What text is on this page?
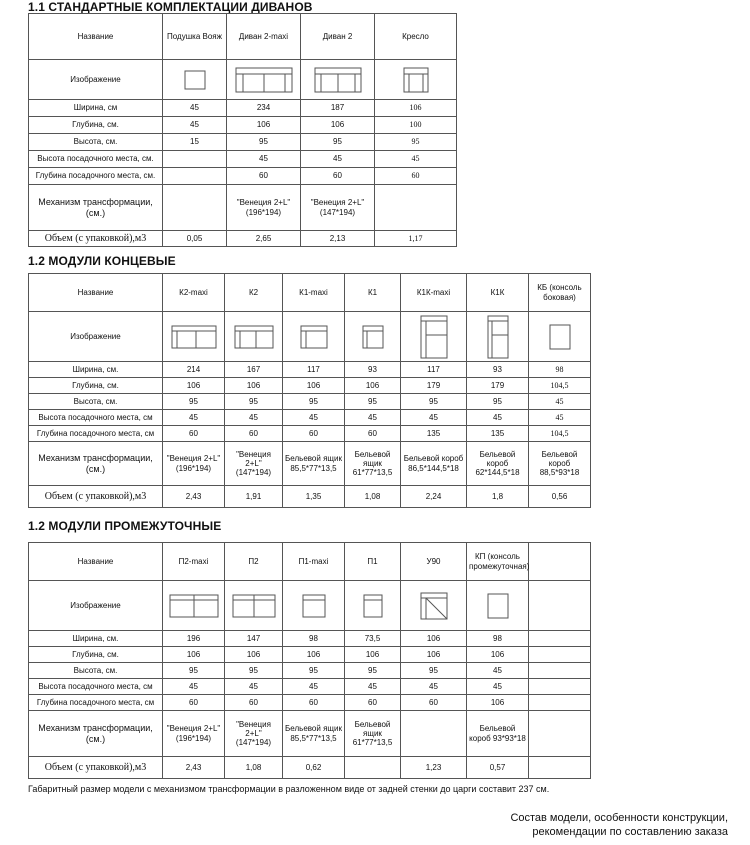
1.1 СТАНДАРТНЫЕ КОМПЛЕКТАЦИИ ДИВАНОВ
Название	Подушка Вояж	Диван 2-maxi	Диван 2	Кресло
Изображение	

Ширина, см	45	234	187	106
Глубина, см.	45	106	106	100
Высота, см.	15	95	95	95
Высота посадочного места, см.		45	45	45
Глубина посадочного места, см.		60	60	60
Механизм трансформации, (см.)		"Венеция 2+L" (196*194)	"Венеция 2+L" (147*194)	
Объем (с упаковкой),м3	0,05	2,65	2,13	1,17
1.2 МОДУЛИ КОНЦЕВЫЕ
Название	К2-maxi	К2	К1-maxi	К1	К1К-maxi	К1К	КБ (консоль боковая)
Изображение	

Ширина, см.	214	167	117	93	117	93	98
Глубина, см.	106	106	106	106	179	179	104,5
Высота, см.	95	95	95	95	95	95	45
Высота посадочного места, см	45	45	45	45	45	45	45
Глубина посадочного места, см	60	60	60	60	135	135	104,5
Механизм трансформации, (см.)	"Венеция 2+L" (196*194)	"Венеция 2+L" (147*194)	Бельевой ящик 85,5*77*13,5	Бельевой ящик 61*77*13,5	Бельевой короб 86,5*144,5*18	Бельевой короб 62*144,5*18	Бельевой короб 88,5*93*18
Объем (с упаковкой),м3	2,43	1,91	1,35	1,08	2,24	1,8	0,56
1.2 МОДУЛИ ПРОМЕЖУТОЧНЫЕ
Название	П2-maxi	П2	П1-maxi	П1	У90	КП (консоль промежуточная)	
Изображение	

Ширина, см.	196	147	98	73,5	106	98	
Глубина, см.	106	106	106	106	106	106	
Высота, см.	95	95	95	95	95	45	
Высота посадочного места, см	45	45	45	45	45	45	
Глубина посадочного места, см	60	60	60	60	60	106	
Механизм трансформации, (см.)	"Венеция 2+L" (196*194)	"Венеция 2+L" (147*194)	Бельевой ящик 85,5*77*13,5	Бельевой ящик 61*77*13,5		Бельевой короб 93*93*18	
Объем (с упаковкой),м3	2,43	1,08	0,62		1,23	0,57	
Габаритный размер модели с механизмом трансформации в разложенном виде от задней стенки до царги составит 237 см.
Состав модели, особенности конструкции,
рекомендации по составлению заказа
